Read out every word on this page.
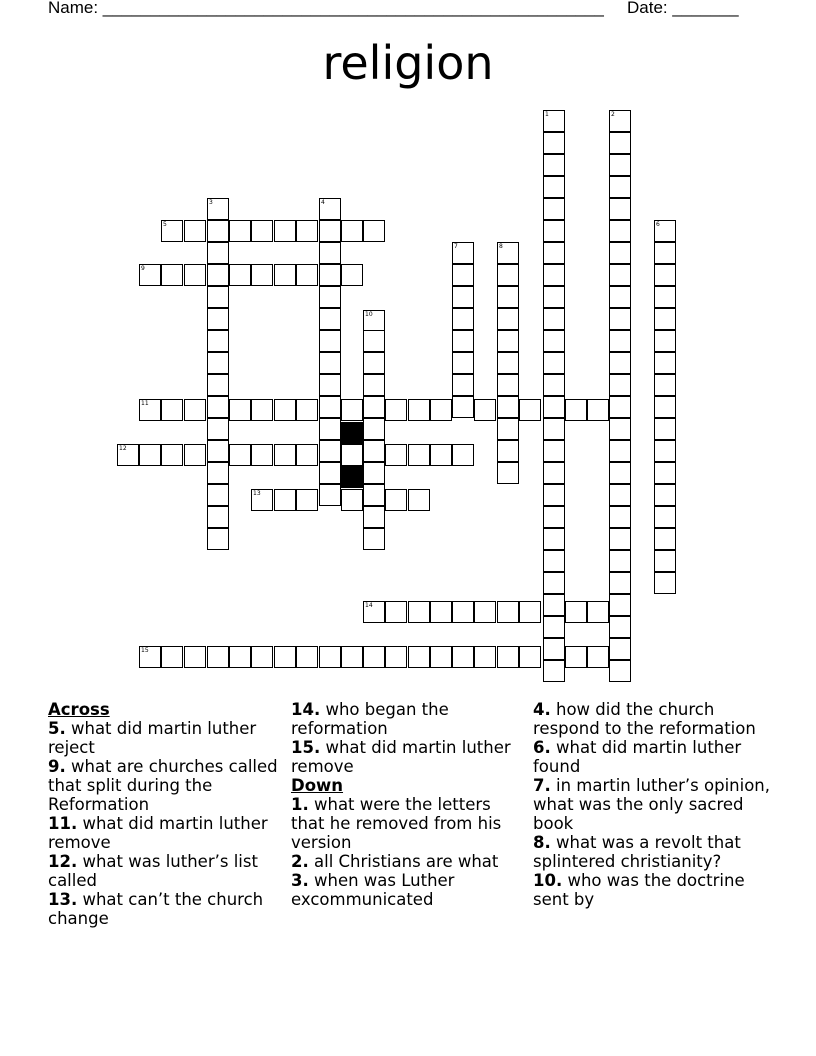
Name: _____________________________________________________ Date: _______
religion
1	2
3	4
5	6
7	8
9
10
11
12
13
14
15
Across
5. what did martin luther reject
9. what are churches called that split during the Reformation
11. what did martin luther remove
12. what was luther’s list called
13. what can’t the church change
14. who began the reformation
15. what did martin luther remove
Down
1. what were the letters that he removed from his version
2. all Christians are what
3. when was Luther excommunicated
4. how did the church respond to the reformation
6. what did martin luther found
7. in martin luther’s opinion, what was the only sacred book
8. what was a revolt that splintered christianity?
10. who was the doctrine sent by
